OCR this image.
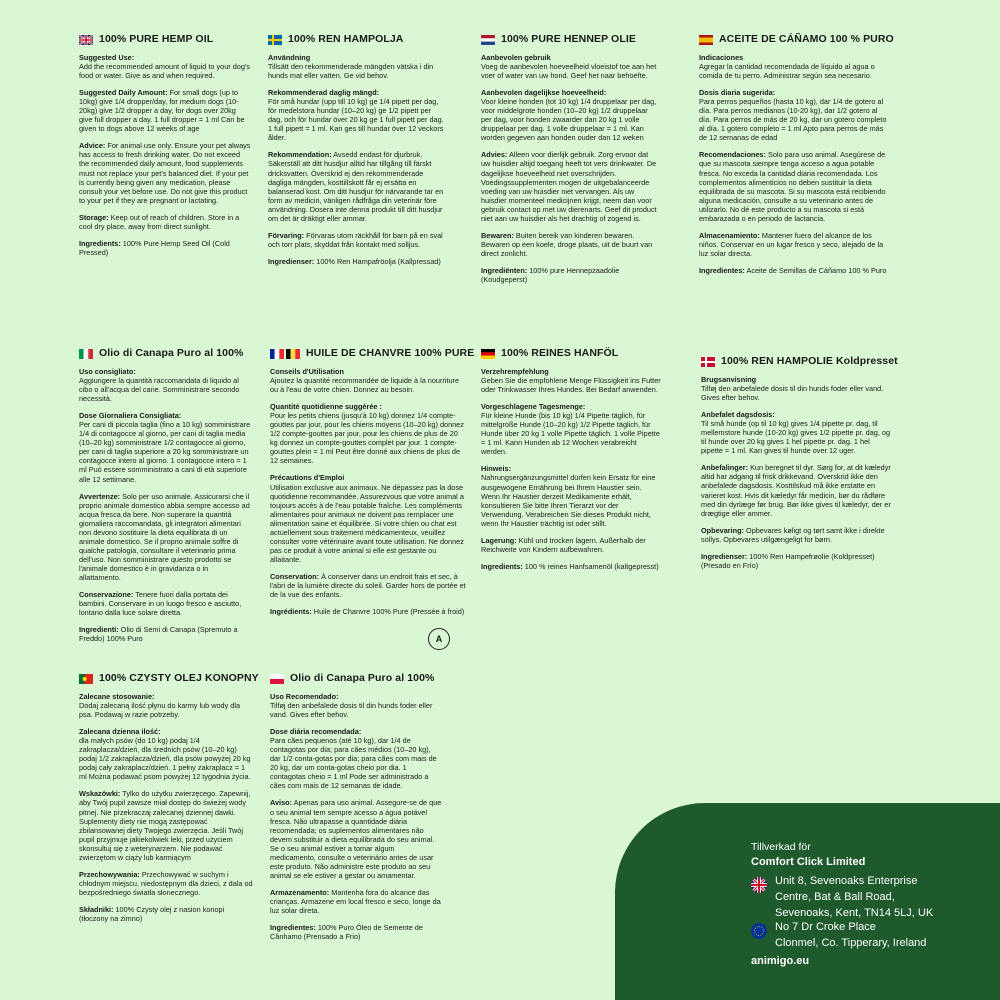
100% PURE HEMP OIL
Suggested Use:
Add the recommended amount of liquid to your dog's food or water. Give as and when required.
Suggested Daily Amount: For small dogs (up to 10kg) give 1/4 dropper/day, for medium dogs (10-20kg) give 1/2 dropper a day, for dogs over 20kg give full dropper a day. 1 full dropper = 1 ml Can be given to dogs above 12 weeks of age
Advice: For animal use only. Ensure your pet always has access to fresh drinking water. Do not exceed the recommended daily amount, food supplements must not replace your pet's balanced diet. If your pet is currently being given any medication, please consult your vet before use. Do not give this product to your pet if they are pregnant or lactating.
Storage: Keep out of reach of children. Store in a cool dry place, away from direct sunlight.
Ingredients: 100% Pure Hemp Seed Oil (Cold Pressed)
100% REN HAMPOLJA
Användning
Tillsätt den rekommenderade mängden vätska i din hunds mat eller vatten. Ge vid behov.
Rekommenderad daglig mängd:
För små hundar (upp till 10 kg) ge 1/4 pipett per dag, för medelstora hundar (10–20 kg) ge 1/2 pipett per dag, och för hundar över 20 kg ge 1 full pipett per dag. 1 full pipett = 1 ml. Kan ges till hundar över 12 veckors ålder.
Rekommendation: Avsedd endast för djurbruk. Säkerställ att ditt husdjur alltid har tillgång till färskt dricksvatten. Överskrid ej den rekommenderade dagliga mängden, kosttillskott får ej ersätta en balanserad kost. Om ditt husdjur för närvarande tar en form av medicin, vänligen rådfråga din veterinär före användning. Dosera inte denna produkt till ditt husdjur om det är dräktigt eller ammar.
Förvaring: Förvaras utom räckhåll för barn på en sval och torr plats, skyddat från kontakt med solljus.
Ingredienser: 100% Ren Hampafröolja (Kallpressad)
100% PURE HENNEP OLIE
Aanbevolen gebruik
Voeg de aanbevolen hoeveelheid vloeistof toe aan het voer of water van uw hond. Geef het naar behoefte.
Aanbevolen dagelijkse hoeveelheid:
Voor kleine honden (tot 10 kg) 1/4 druppelaar per dag, voor middelgrote honden (10–20 kg) 1/2 druppelaar per dag, voor honden zwaarder dan 20 kg 1 volle druppelaar per dag. 1 volle druppelaar = 1 ml. Kan worden gegeven aan honden ouder dan 12 weken
Advies: Alleen voor dierlijk gebruik. Zorg ervoor dat uw huisdier altijd toegang heeft tot vers drinkwater. De dagelijkse hoeveelheid niet overschrijden. Voedingssupplementen mogen de uitgebalanceerde voeding van uw huisdier niet vervangen. Als uw huisdier momenteel medicijnen krijgt, neem dan voor gebruik contact op met uw dierenarts. Geef dit product niet aan uw huisdier als het drachtig of zogend is.
Bewaren: Buiten bereik van kinderen bewaren. Bewaren op een koele, droge plaats, uit de buurt van direct zonlicht.
Ingrediënten: 100% pure Hennepzaadolie (Koudgeperst)
ACEITE DE CÁÑAMO 100 % PURO
Indicaciones
Agregar la cantidad recomendada de líquido al agua o comida de tu perro. Administrar según sea necesario.
Dosis diaria sugerida:
Para perros pequeños (hasta 10 kg), dar 1/4 de gotero al día. Para perros medianos (10-20 kg), dar 1/2 gotero al día. Para perros de más de 20 kg, dar un gotero completo al día. 1 gotero completo = 1 ml Apto para perros de más de 12 semanas de edad
Recomendaciones: Solo para uso animal. Asegúrese de que su mascota siempre tenga acceso a agua potable fresca. No exceda la cantidad diaria recomendada. Los complementos alimenticios no deben sustituir la dieta equilibrada de su mascota. Si su mascota está recibiendo alguna medicación, consulte a su veterinario antes de utilizarlo. No dé este producto a su mascota si está embarazada o en periodo de lactancia.
Almacenamiento: Mantener fuera del alcance de los niños. Conservar en un lugar fresco y seco, alejado de la luz solar directa.
Ingredientes: Aceite de Semillas de Cáñamo 100 % Puro
Olio di Canapa Puro al 100%
Uso consigliato:
Aggiungere la quantità raccomandata di liquido al cibo o all'acqua del cane. Somministrare secondo necessità.
Dose Giornaliera Consigliata:
Per cani di piccola taglia (fino a 10 kg) somministrare 1/4 di contagocce al giorno, per cani di taglia media (10–20 kg) somministrare 1/2 contagocce al giorno, per cani di taglia superiore a 20 kg somministrare un contagocce intero al giorno. 1 contagocce intero = 1 ml Può essere somministrato a cani di età superiore alle 12 settimane.
Avvertenze: Solo per uso animale. Assicurarsi che il proprio animale domestico abbia sempre accesso ad acqua fresca da bere. Non superare la quantità giornaliera raccomandata, gli integratori alimentari non devono sostituire la dieta equilibrata di un animale domestico. Se il proprio animale soffre di qualche patologia, consultare il veterinario prima dell'uso. Non somministrare questo prodotto se l'animale domestico è in gravidanza o in allattamento.
Conservazione: Tenere fuori dalla portata dei bambini. Conservare in un luogo fresco e asciutto, lontano dalla luce solare diretta.
Ingredienti: Olio di Semi di Canapa (Spremuto a Freddo) 100% Puro
HUILE DE CHANVRE 100% PURE
Conseils d'Utilisation
Ajoutez la quantité recommandée de liquide à la nourriture ou à l'eau de votre chien. Donnez au besoin.
Quantité quotidienne suggérée :
Pour les petits chiens (jusqu'à 10 kg) donnez 1/4 compte-gouttes par jour, pour les chiens moyens (10–20 kg) donnez 1/2 compte-gouttes par jour, pour les chiens de plus de 20 kg donnez un compte-gouttes complet par jour. 1 compte-gouttes plein = 1 ml Peut être donné aux chiens de plus de 12 semaines.
Précautions d'Emploi
Utilisation exclusive aux animaux. Ne dépassez pas la dose quotidienne recommandée. Assurezvous que votre animal a toujours accès à de l'eau potable fraîche. Les compléments alimentaires pour animaux ne doivent pas remplacer une alimentation saine et équilibrée. Si votre chien ou chat est actuellement sous traitement médicamenteux, veuillez consulter votre vétérinaire avant toute utilisation. Ne donnez pas ce produit à votre animal si elle est gestante ou allaitante.
Conservation: À conserver dans un endroit frais et sec, à l'abri de la lumière directe du soleil. Garder hors de portée et de la vue des enfants.
Ingrédients: Huile de Chanvre 100% Pure (Pressée à froid)
A
100% REINES HANFÖL
Verzehrempfehlung
Geben Sie die empfohlene Menge Flüssigkeit ins Futter oder Trinkwasser Ihres Hundes. Bei Bedarf anwenden.
Vorgeschlagene Tagesmenge:
Für kleine Hunde (bis 10 kg) 1/4 Pipette täglich, für mittelgroße Hunde (10–20 kg) 1/2 Pipette täglich, für Hunde über 20 kg 1 volle Pipette täglich. 1 volle Pipette = 1 ml. Kann Hunden ab 12 Wochen verabreicht werden.
Hinweis:
Nahrungsergänzungsmittel dürfen kein Ersatz für eine ausgewogene Ernährung bei Ihrem Haustier sein. Wenn Ihr Haustier derzeit Medikamente erhält, konsultieren Sie bitte Ihren Tierarzt vor der Verwendung. Verabreichen Sie dieses Produkt nicht, wenn Ihr Haustier trächtig ist oder stillt.
Lagerung: Kühl und trocken lagern. Außerhalb der Reichweite von Kindern aufbewahren.
Ingredients: 100 % reines Hanfsamenöl (kaltgepresst)
100% REN HAMPOLIE Koldpresset
Brugsanvisning
Tilføj den anbefalede dosis til din hunds foder eller vand. Gives efter behov.
Anbefalet dagsdosis:
Til små hunde (op til 10 kg) gives 1/4 pipette pr. dag, til mellemstore hunde (10-20 kg) gives 1/2 pipette pr. dag, og til hunde over 20 kg gives 1 hel pipette pr. dag. 1 hel pipette = 1 ml. Kan gives til hunde over 12 uger.
Anbefalinger: Kun beregnet til dyr. Sørg for, at dit kæledyr altid har adgang til frisk drikkevand. Overskrid ikke den anbefalede dagsdosis. Kosttilskud må ikke erstatte en varieret kost. Hvis dit kæledyr får medicin, bør du rådføre med din dyrlæge før brug. Bør ikke gives til kæledyr, der er drægtige eller ammer.
Opbevaring: Opbevares køligt og tørt samt ikke i direkte sollys. Opbevares utilgængeligt for børn.
Ingredienser: 100% Ren Hampefrøolie (Koldpresset) (Presado en Frío)
100% CZYSTY OLEJ KONOPNY
Zalecane stosowanie:
Dodaj zalecaną ilość płynu do karmy lub wody dla psa. Podawaj w razie potrzeby.
Zalecana dzienna ilość:
dla małych psów (do 10 kg) podaj 1/4 zakraplacza/dzień, dla średnich psów (10–20 kg) podaj 1/2 zakraplacza/dzień, dla psów powyżej 20 kg podaj cały zakraplacz/dzień. 1 pełny zakraplacz = 1 ml Można podawać psom powyżej 12 tygodnia życia.
Wskazówki: Tylko do użytku zwierzęcego. Zapewnij, aby Twój pupil zawsze miał dostęp do świeżej wody pitnej. Nie przekraczaj zalecanej dziennej dawki. Suplementy diety nie mogą zastępować zbilansowanej diety Twojego zwierzęcia. Jeśli Twój pupil przyjmuje jakiekolwiek leki, przed użyciem skonsultuj się z weterynarzem. Nie podawać zwierzętom w ciąży lub karmiącym
Przechowywania: Przechowywać w suchym i chłodnym miejscu, niedostępnym dla dzieci, z dala od bezpośredniego światła słonecznego.
Składniki: 100% Czysty olej z nasion konopi (tłoczony na zimno)
Olio di Canapa Puro al 100%
Uso Recomendado:
Tilføj den anbefalede dosis til din hunds foder eller vand. Gives efter behov.
Dose diária recomendada:
Para cães pequenos (até 10 kg), dar 1/4 de contagotas por dia; para cães médios (10–20 kg), dar 1/2 conta-gotas por dia; para cães com mais de 20 kg, dar um conta-gotas cheio por dia. 1 contagotas cheio = 1 ml Pode ser administrado a cães com mais de 12 semanas de idade.
Aviso: Apenas para uso animal. Assegure-se de que o seu animal tem sempre acesso a água potável fresca. Não ultrapasse a quantidade diária recomendada; os suplementos alimentares não devem substituir a dieta equilibrada do seu animal. Se o seu animal estiver a tomar algum medicamento, consulte o veterinário antes de usar este produto. Não administre este produto ao seu animal se ele estiver a gestar ou amamentar.
Armazenamento: Mantenha fora do alcance das crianças. Armazene em local fresco e seco, longe da luz solar direta.
Ingredientes: 100% Puro Óleo de Semente de Cânhamo (Prensado a Frio)
Tillverkad för
Comfort Click Limited
Unit 8, Sevenoaks Enterprise
Centre, Bat & Ball Road,
Sevenoaks, Kent, TN14 5LJ, UK
No 7 Dr Croke Place
Clonmel, Co. Tipperary, Ireland
animigo.eu
